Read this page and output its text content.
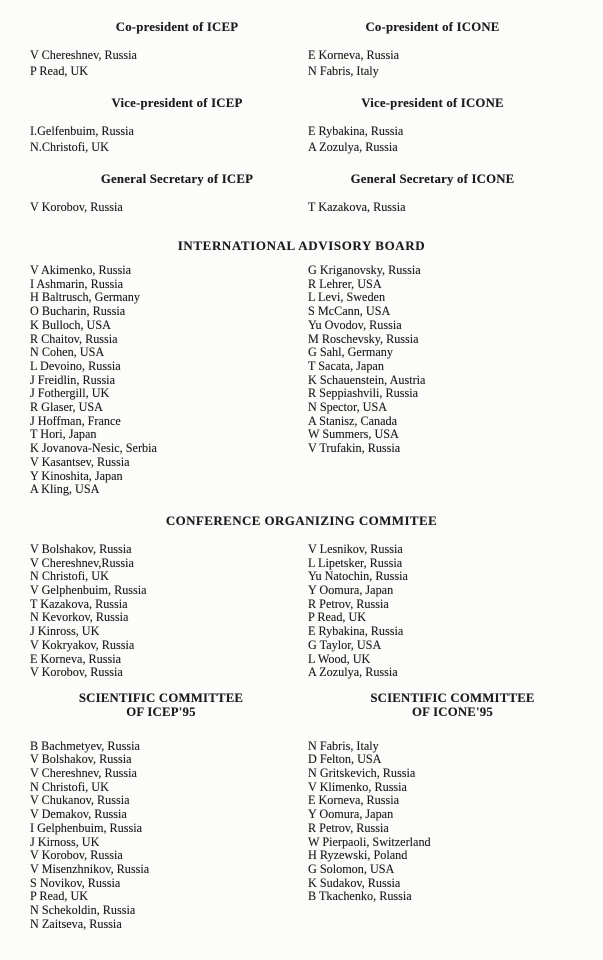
Co-president of ICEP
V Chereshnev, Russia
P Read, UK
Vice-president of ICEP
I.Gelfenbuim, Russia
N.Christofi, UK
General Secretary of ICEP
V Korobov, Russia
Co-president of ICONE
E Korneva, Russia
N Fabris, Italy
Vice-president of ICONE
E Rybakina, Russia
A Zozulya, Russia
General Secretary of ICONE
T Kazakova, Russia
INTERNATIONAL ADVISORY BOARD
V Akimenko, Russia
I Ashmarin, Russia
H Baltrusch, Germany
O Bucharin, Russia
K Bulloch, USA
R Chaitov, Russia
N Cohen, USA
L Devoino, Russia
J Freidlin, Russia
J Fothergill, UK
R Glaser, USA
J Hoffman, France
T Hori, Japan
K Jovanova-Nesic, Serbia
V Kasantsev, Russia
Y Kinoshita, Japan
A Kling, USA
G Kriganovsky, Russia
R Lehrer, USA
L Levi, Sweden
S McCann, USA
Yu Ovodov, Russia
M Roschevsky, Russia
G Sahl, Germany
T Sacata, Japan
K Schauenstein, Austria
R Seppiashvili, Russia
N Spector, USA
A Stanisz, Canada
W Summers, USA
V Trufakin, Russia
CONFERENCE ORGANIZING COMMITEE
V Bolshakov, Russia
V Chereshnev,Russia
N Christofi, UK
V Gelphenbuim, Russia
T Kazakova, Russia
N Kevorkov, Russia
J Kinross, UK
V Kokryakov, Russia
E Korneva, Russia
V Korobov, Russia
V Lesnikov, Russia
L Lipetsker, Russia
Yu Natochin, Russia
Y Oomura, Japan
R Petrov, Russia
P Read, UK
E Rybakina, Russia
G Taylor, USA
L Wood, UK
A Zozulya, Russia
SCIENTIFIC COMMITTEE
OF ICEP'95
SCIENTIFIC COMMITTEE
OF ICONE'95
B Bachmetyev, Russia
V Bolshakov, Russia
V Chereshnev, Russia
N Christofi, UK
V Chukanov, Russia
V Demakov, Russia
I Gelphenbuim, Russia
J Kirnoss, UK
V Korobov, Russia
V Misenzhnikov, Russia
S Novikov, Russia
P Read, UK
N Schekoldin, Russia
N Zaitseva, Russia
N Fabris, Italy
D Felton, USA
N Gritskevich, Russia
V Klimenko, Russia
E Korneva, Russia
Y Oomura, Japan
R Petrov, Russia
W Pierpaoli, Switzerland
H Ryzewski, Poland
G Solomon, USA
K Sudakov, Russia
B Tkachenko, Russia
